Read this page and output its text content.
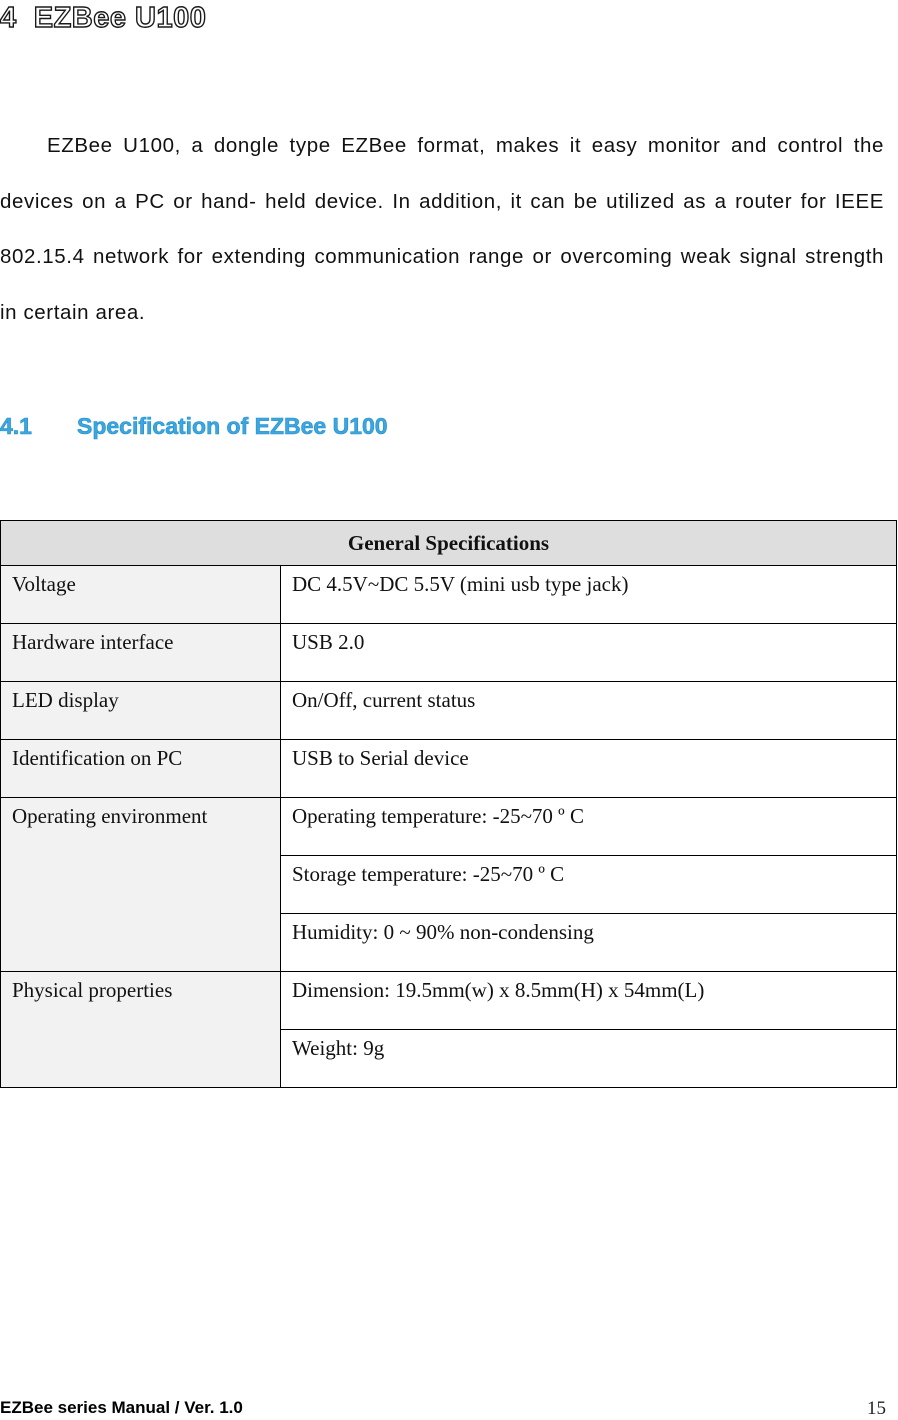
4  EZBee U100

EZBee U100, a dongle type EZBee format, makes it easy monitor and control the devices on a PC or hand- held device. In addition, it can be utilized as a router for IEEE 802.15.4 network for extending communication range or overcoming weak signal strength in certain area.

4.1 Specification of EZBee U100
General Specifications	
Voltage	DC 4.5V~DC 5.5V (mini usb type jack)
Hardware interface	USB 2.0
LED display	On/Off, current status
Identification on PC	USB to Serial device
Operating environment	Operating temperature: -25~70 º C
	Storage temperature: -25~70 º C
	Humidity: 0 ~ 90% non-condensing
Physical properties	Dimension: 19.5mm(w) x 8.5mm(H) x 54mm(L)
	Weight: 9g
EZBee series Manual / Ver. 1.0	15
